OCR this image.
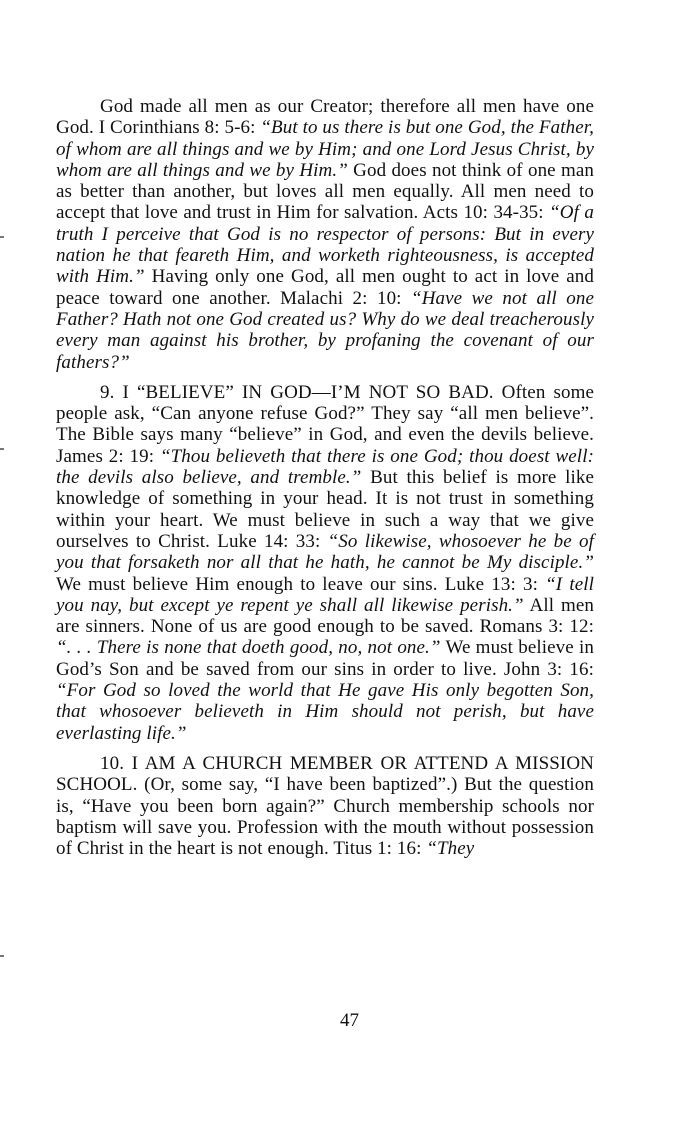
God made all men as our Creator; therefore all men have one God. I Corinthians 8: 5-6: “But to us there is but one God, the Father, of whom are all things and we by Him; and one Lord Jesus Christ, by whom are all things and we by Him.” God does not think of one man as better than another, but loves all men equally. All men need to accept that love and trust in Him for salvation. Acts 10: 34-35: “Of a truth I perceive that God is no respector of persons: But in every nation he that feareth Him, and worketh righteousness, is accepted with Him.” Having only one God, all men ought to act in love and peace toward one another. Malachi 2: 10: “Have we not all one Father? Hath not one God created us? Why do we deal treacherously every man against his brother, by profaning the covenant of our fathers?”

9. I “BELIEVE” IN GOD—I’M NOT SO BAD. Often some people ask, “Can anyone refuse God?” They say “all men believe”. The Bible says many “believe” in God, and even the devils believe. James 2: 19: “Thou believeth that there is one God; thou doest well: the devils also believe, and tremble.” But this belief is more like knowledge of something in your head. It is not trust in something within your heart. We must believe in such a way that we give ourselves to Christ. Luke 14: 33: “So likewise, whosoever he be of you that forsaketh nor all that he hath, he cannot be My disciple.” We must believe Him enough to leave our sins. Luke 13: 3: “I tell you nay, but except ye repent ye shall all likewise perish.” All men are sinners. None of us are good enough to be saved. Romans 3: 12: “. . . There is none that doeth good, no, not one.” We must believe in God’s Son and be saved from our sins in order to live. John 3: 16: “For God so loved the world that He gave His only begotten Son, that whosoever believeth in Him should not perish, but have everlasting life.”

10. I AM A CHURCH MEMBER OR ATTEND A MISSION SCHOOL. (Or, some say, “I have been baptized”.) But the question is, “Have you been born again?” Church membership schools nor baptism will save you. Profession with the mouth without possession of Christ in the heart is not enough. Titus 1: 16: “They

47
